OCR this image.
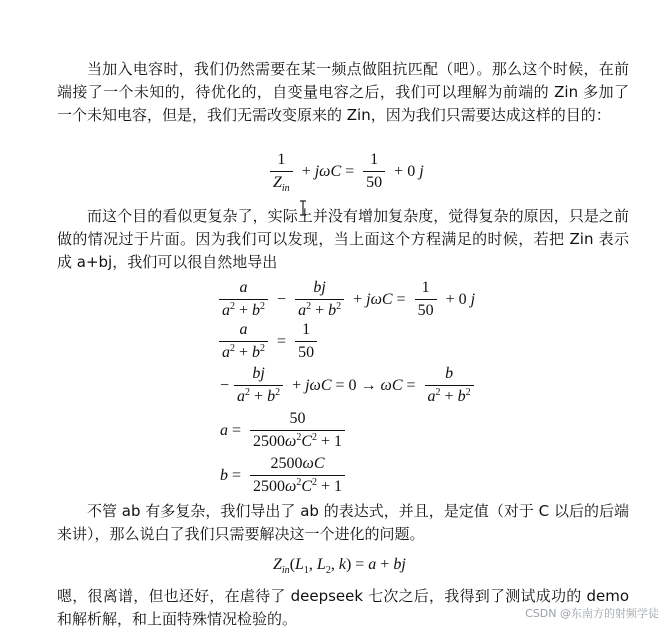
当加入电容时，我们仍然需要在某一频点做阻抗匹配（吧）。那么这个时候，在前端接了一个未知的，待优化的，自变量电容之后，我们可以理解为前端的 Zin 多加了一个未知电容，但是，我们无需改变原来的 Zin，因为我们只需要达成这样的目的：

$\frac{1}{Z_{in}} + j\omega C = \frac{1}{50} + 0$ j

而这个目的看似更复杂了，实际上并没有增加复杂度，觉得复杂的原因，只是之前做的情况过于片面。因为我们可以发现，当上面这个方程满足的时候，若把 Zin 表示成 a+bj，我们可以很自然地导出

$\frac{a}{a^2 + b^2} - \frac{bj}{a^2 + b^2} + j\omega C = \frac{1}{50} + 0$ j
$\frac{a}{a^2 + b^2} = \frac{1}{50}$
− $\frac{bj}{a^2 + b^2} + j\omega C = 0 \to \omega C = \frac{b}{a^2 + b^2}$
$a = \frac{50}{2500\omega^2C^2 + 1}$
$b = \frac{2500\omega C}{2500\omega^2C^2 + 1}$

不管 ab 有多复杂，我们导出了 ab 的表达式，并且，是定值（对于 C 以后的后端来讲），那么说白了我们只需要解决这一个进化的问题。

$Z_{in}(L_1$, $L_2$, k) = a + bj

嗯，很离谱，但也还好，在虐待了 deepseek 七次之后，我得到了测试成功的 demo 和解析解，和上面特殊情况检验的。	CSDN @东南方的射频学徒
